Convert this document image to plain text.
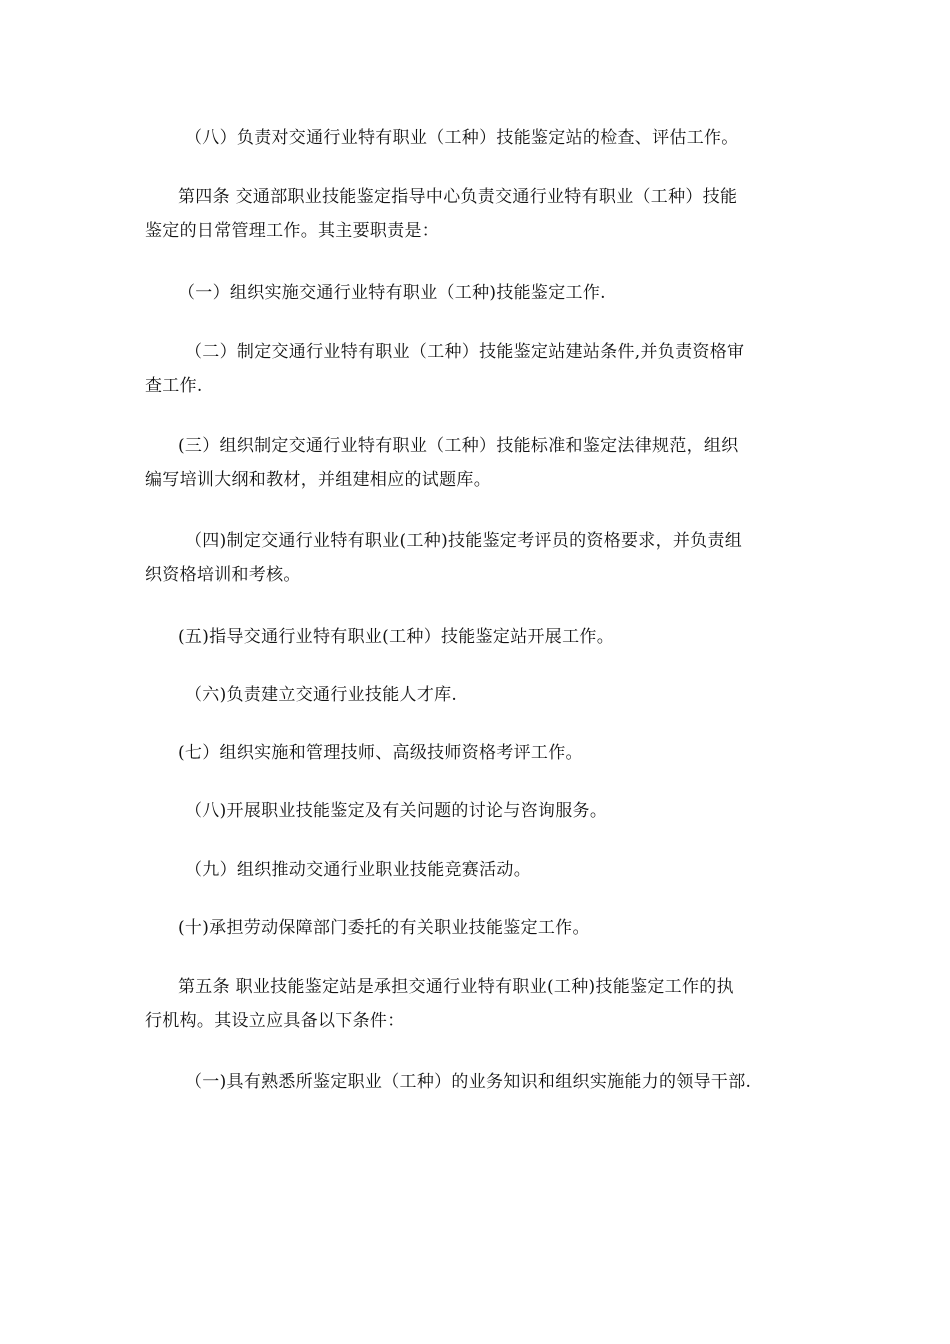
（八）负责对交通行业特有职业（工种）技能鉴定站的检查、评估工作。

第四条 交通部职业技能鉴定指导中心负责交通行业特有职业（工种）技能
鉴定的日常管理工作。其主要职责是：

（一）组织实施交通行业特有职业（工种)技能鉴定工作.

（二）制定交通行业特有职业（工种）技能鉴定站建站条件,并负责资格审
查工作.

(三）组织制定交通行业特有职业（工种）技能标准和鉴定法律规范，组织
编写培训大纲和教材，并组建相应的试题库。

（四)制定交通行业特有职业(工种)技能鉴定考评员的资格要求，并负责组
织资格培训和考核。

(五)指导交通行业特有职业(工种）技能鉴定站开展工作。

（六)负责建立交通行业技能人才库.

(七）组织实施和管理技师、高级技师资格考评工作。

（八)开展职业技能鉴定及有关问题的讨论与咨询服务。

（九）组织推动交通行业职业技能竞赛活动。

(十)承担劳动保障部门委托的有关职业技能鉴定工作。

第五条 职业技能鉴定站是承担交通行业特有职业(工种)技能鉴定工作的执
行机构。其设立应具备以下条件：

（一)具有熟悉所鉴定职业（工种）的业务知识和组织实施能力的领导干部.
